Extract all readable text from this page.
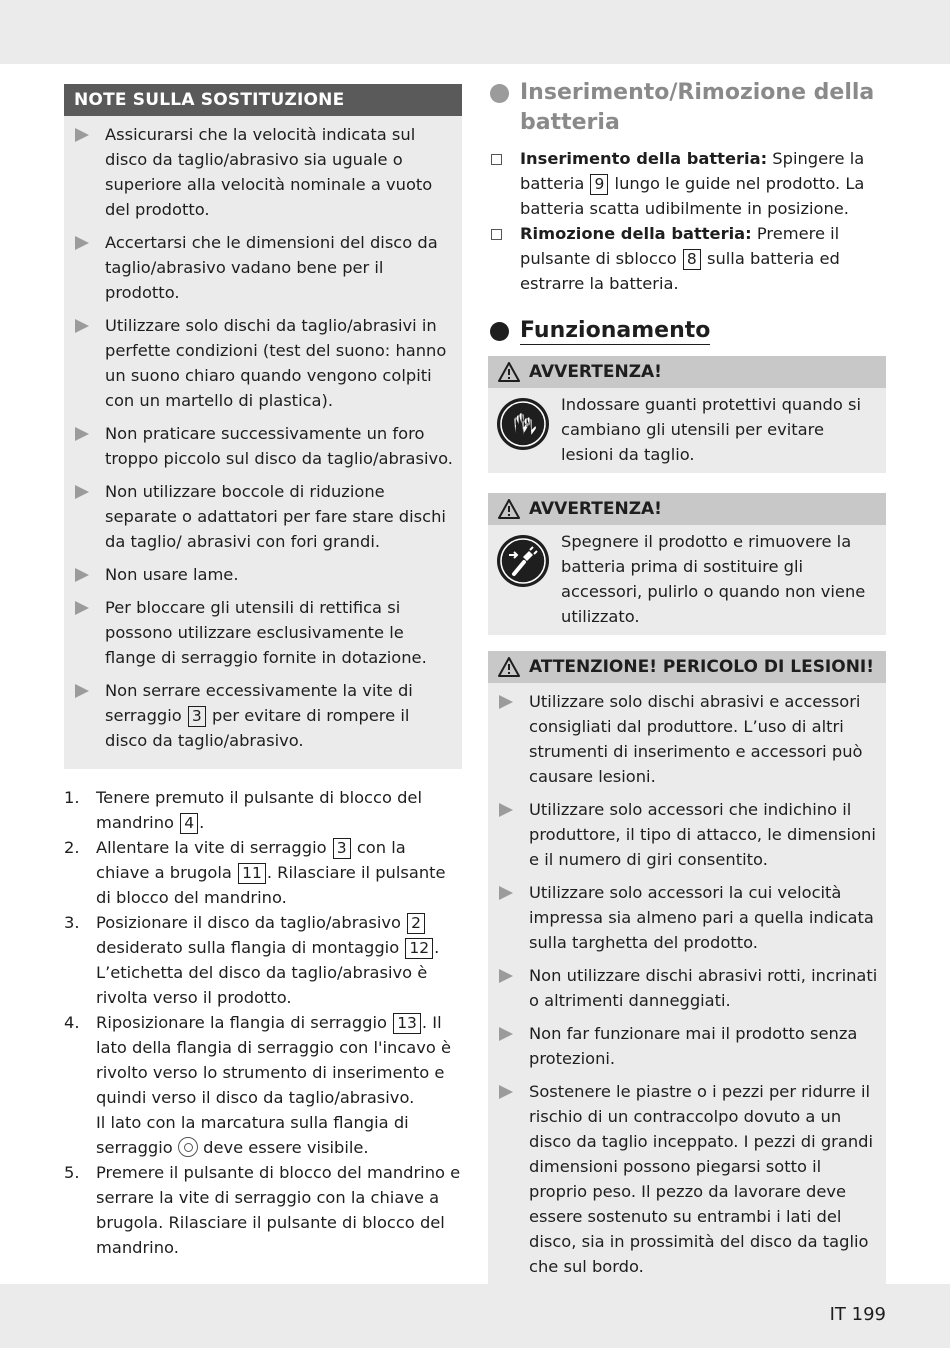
NOTE SULLA SOSTITUZIONE
Assicurarsi che la velocità indicata sul disco da taglio/abrasivo sia uguale o superiore alla velocità nominale a vuoto del prodotto.
Accertarsi che le dimensioni del disco da taglio/abrasivo vadano bene per il prodotto.
Utilizzare solo dischi da taglio/abrasivi in perfette condizioni (test del suono: hanno un suono chiaro quando vengono colpiti con un martello di plastica).
Non praticare successivamente un foro troppo piccolo sul disco da taglio/abrasivo.
Non utilizzare boccole di riduzione separate o adattatori per fare stare dischi da taglio/ abrasivi con fori grandi.
Non usare lame.
Per bloccare gli utensili di rettifica si possono utilizzare esclusivamente le flange di serraggio fornite in dotazione.
Non serrare eccessivamente la vite di serraggio 3 per evitare di rompere il disco da taglio/abrasivo.
1. Tenere premuto il pulsante di blocco del mandrino 4 .
2. Allentare la vite di serraggio 3 con la chiave a brugola 11 . Rilasciare il pulsante di blocco del mandrino.
3. Posizionare il disco da taglio/abrasivo 2 desiderato sulla flangia di montaggio 12 . L’etichetta del disco da taglio/abrasivo è rivolta verso il prodotto.
4. Riposizionare la flangia di serraggio 13 . Il lato della flangia di serraggio con l'incavo è rivolto verso lo strumento di inserimento e quindi verso il disco da taglio/abrasivo.
Il lato con la marcatura sulla flangia di serraggio deve essere visibile.
5. Premere il pulsante di blocco del mandrino e serrare la vite di serraggio con la chiave a brugola. Rilasciare il pulsante di blocco del mandrino.
Inserimento/Rimozione della batteria
Inserimento della batteria: Spingere la batteria 9 lungo le guide nel prodotto. La batteria scatta udibilmente in posizione.
Rimozione della batteria: Premere il pulsante di sblocco 8 sulla batteria ed estrarre la batteria.
Funzionamento
AVVERTENZA!
Indossare guanti protettivi quando si cambiano gli utensili per evitare lesioni da taglio.
AVVERTENZA!
Spegnere il prodotto e rimuovere la batteria prima di sostituire gli accessori, pulirlo o quando non viene utilizzato.
ATTENZIONE! PERICOLO DI LESIONI!
Utilizzare solo dischi abrasivi e accessori consigliati dal produttore. L’uso di altri strumenti di inserimento e accessori può causare lesioni.
Utilizzare solo accessori che indichino il produttore, il tipo di attacco, le dimensioni e il numero di giri consentito.
Utilizzare solo accessori la cui velocità impressa sia almeno pari a quella indicata sulla targhetta del prodotto.
Non utilizzare dischi abrasivi rotti, incrinati o altrimenti danneggiati.
Non far funzionare mai il prodotto senza protezioni.
Sostenere le piastre o i pezzi per ridurre il rischio di un contraccolpo dovuto a un disco da taglio inceppato. I pezzi di grandi dimensioni possono piegarsi sotto il proprio peso. Il pezzo da lavorare deve essere sostenuto su entrambi i lati del disco, sia in prossimità del disco da taglio che sul bordo.
IT 199
